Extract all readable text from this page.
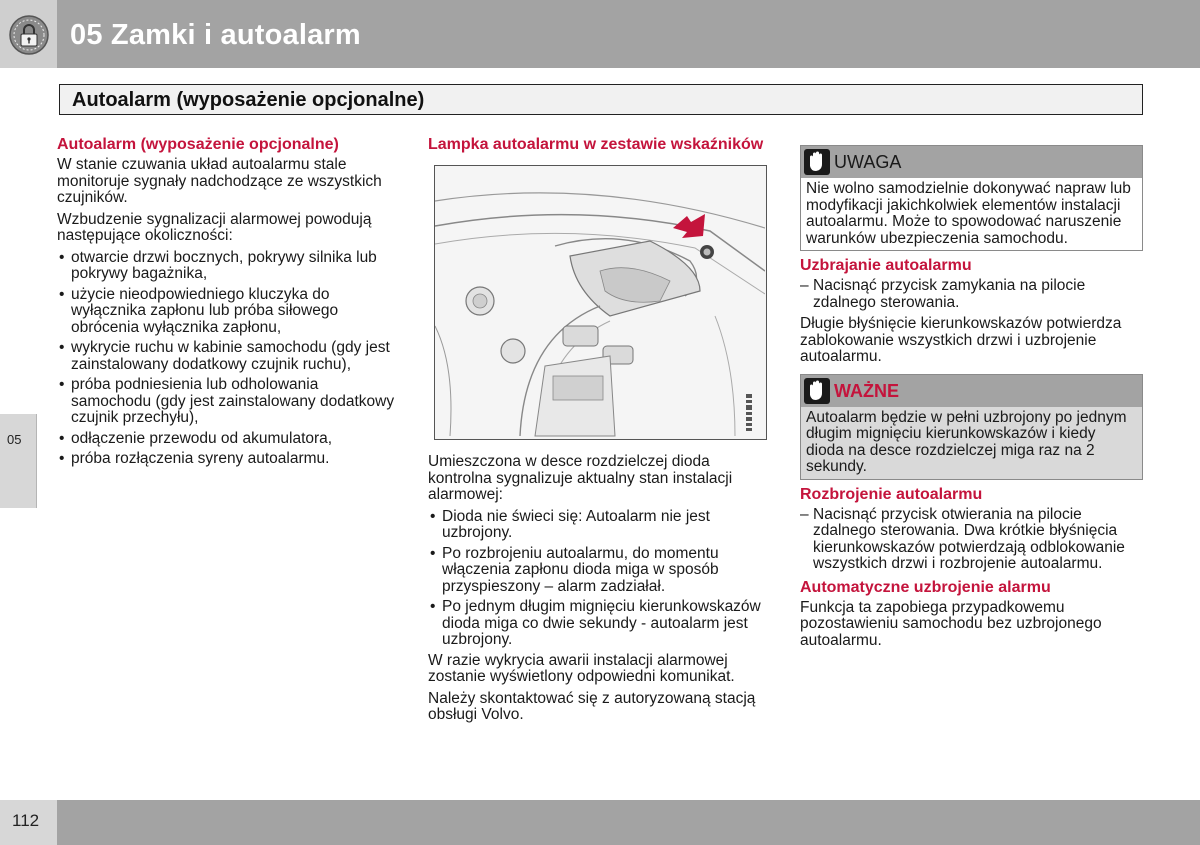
05 Zamki i autoalarm
Autoalarm (wyposażenie opcjonalne)
05
Autoalarm (wyposażenie opcjonalne)

W stanie czuwania układ autoalarmu stale monitoruje sygnały nadchodzące ze wszystkich czujników.

Wzbudzenie sygnalizacji alarmowej powodują następujące okoliczności:

• otwarcie drzwi bocznych, pokrywy silnika lub pokrywy bagażnika,
• użycie nieodpowiedniego kluczyka do wyłącznika zapłonu lub próba siłowego obrócenia wyłącznika zapłonu,
• wykrycie ruchu w kabinie samochodu (gdy jest zainstalowany dodatkowy czujnik ruchu),
• próba podniesienia lub odholowania samochodu (gdy jest zainstalowany dodatkowy czujnik przechyłu),
• odłączenie przewodu od akumulatora,
• próba rozłączenia syreny autoalarmu.
Lampka autoalarmu w zestawie wskaźników

Umieszczona w desce rozdzielczej dioda kontrolna sygnalizuje aktualny stan instalacji alarmowej:

• Dioda nie świeci się: Autoalarm nie jest uzbrojony.
• Po rozbrojeniu autoalarmu, do momentu włączenia zapłonu dioda miga w sposób przyspieszony – alarm zadziałał.
• Po jednym długim mignięciu kierunkowskazów dioda miga co dwie sekundy - autoalarm jest uzbrojony.

W razie wykrycia awarii instalacji alarmowej zostanie wyświetlony odpowiedni komunikat.

Należy skontaktować się z autoryzowaną stacją obsługi Volvo.

UWAGA
Nie wolno samodzielnie dokonywać napraw lub modyfikacji jakichkolwiek elementów instalacji autoalarmu. Może to spowodować naruszenie warunków ubezpieczenia samochodu.
Uzbrajanie autoalarmu
– Nacisnąć przycisk zamykania na pilocie zdalnego sterowania.

Długie błyśnięcie kierunkowskazów potwierdza zablokowanie wszystkich drzwi i uzbrojenie autoalarmu.

WAŻNE
Autoalarm będzie w pełni uzbrojony po jednym długim mignięciu kierunkowskazów i kiedy dioda na desce rozdzielczej miga raz na 2 sekundy.
Rozbrojenie autoalarmu
– Nacisnąć przycisk otwierania na pilocie zdalnego sterowania. Dwa krótkie błyśnięcia kierunkowskazów potwierdzają odblokowanie wszystkich drzwi i rozbrojenie autoalarmu.
Automatyczne uzbrojenie alarmu

Funkcja ta zapobiega przypadkowemu pozostawieniu samochodu bez uzbrojonego autoalarmu.

112
